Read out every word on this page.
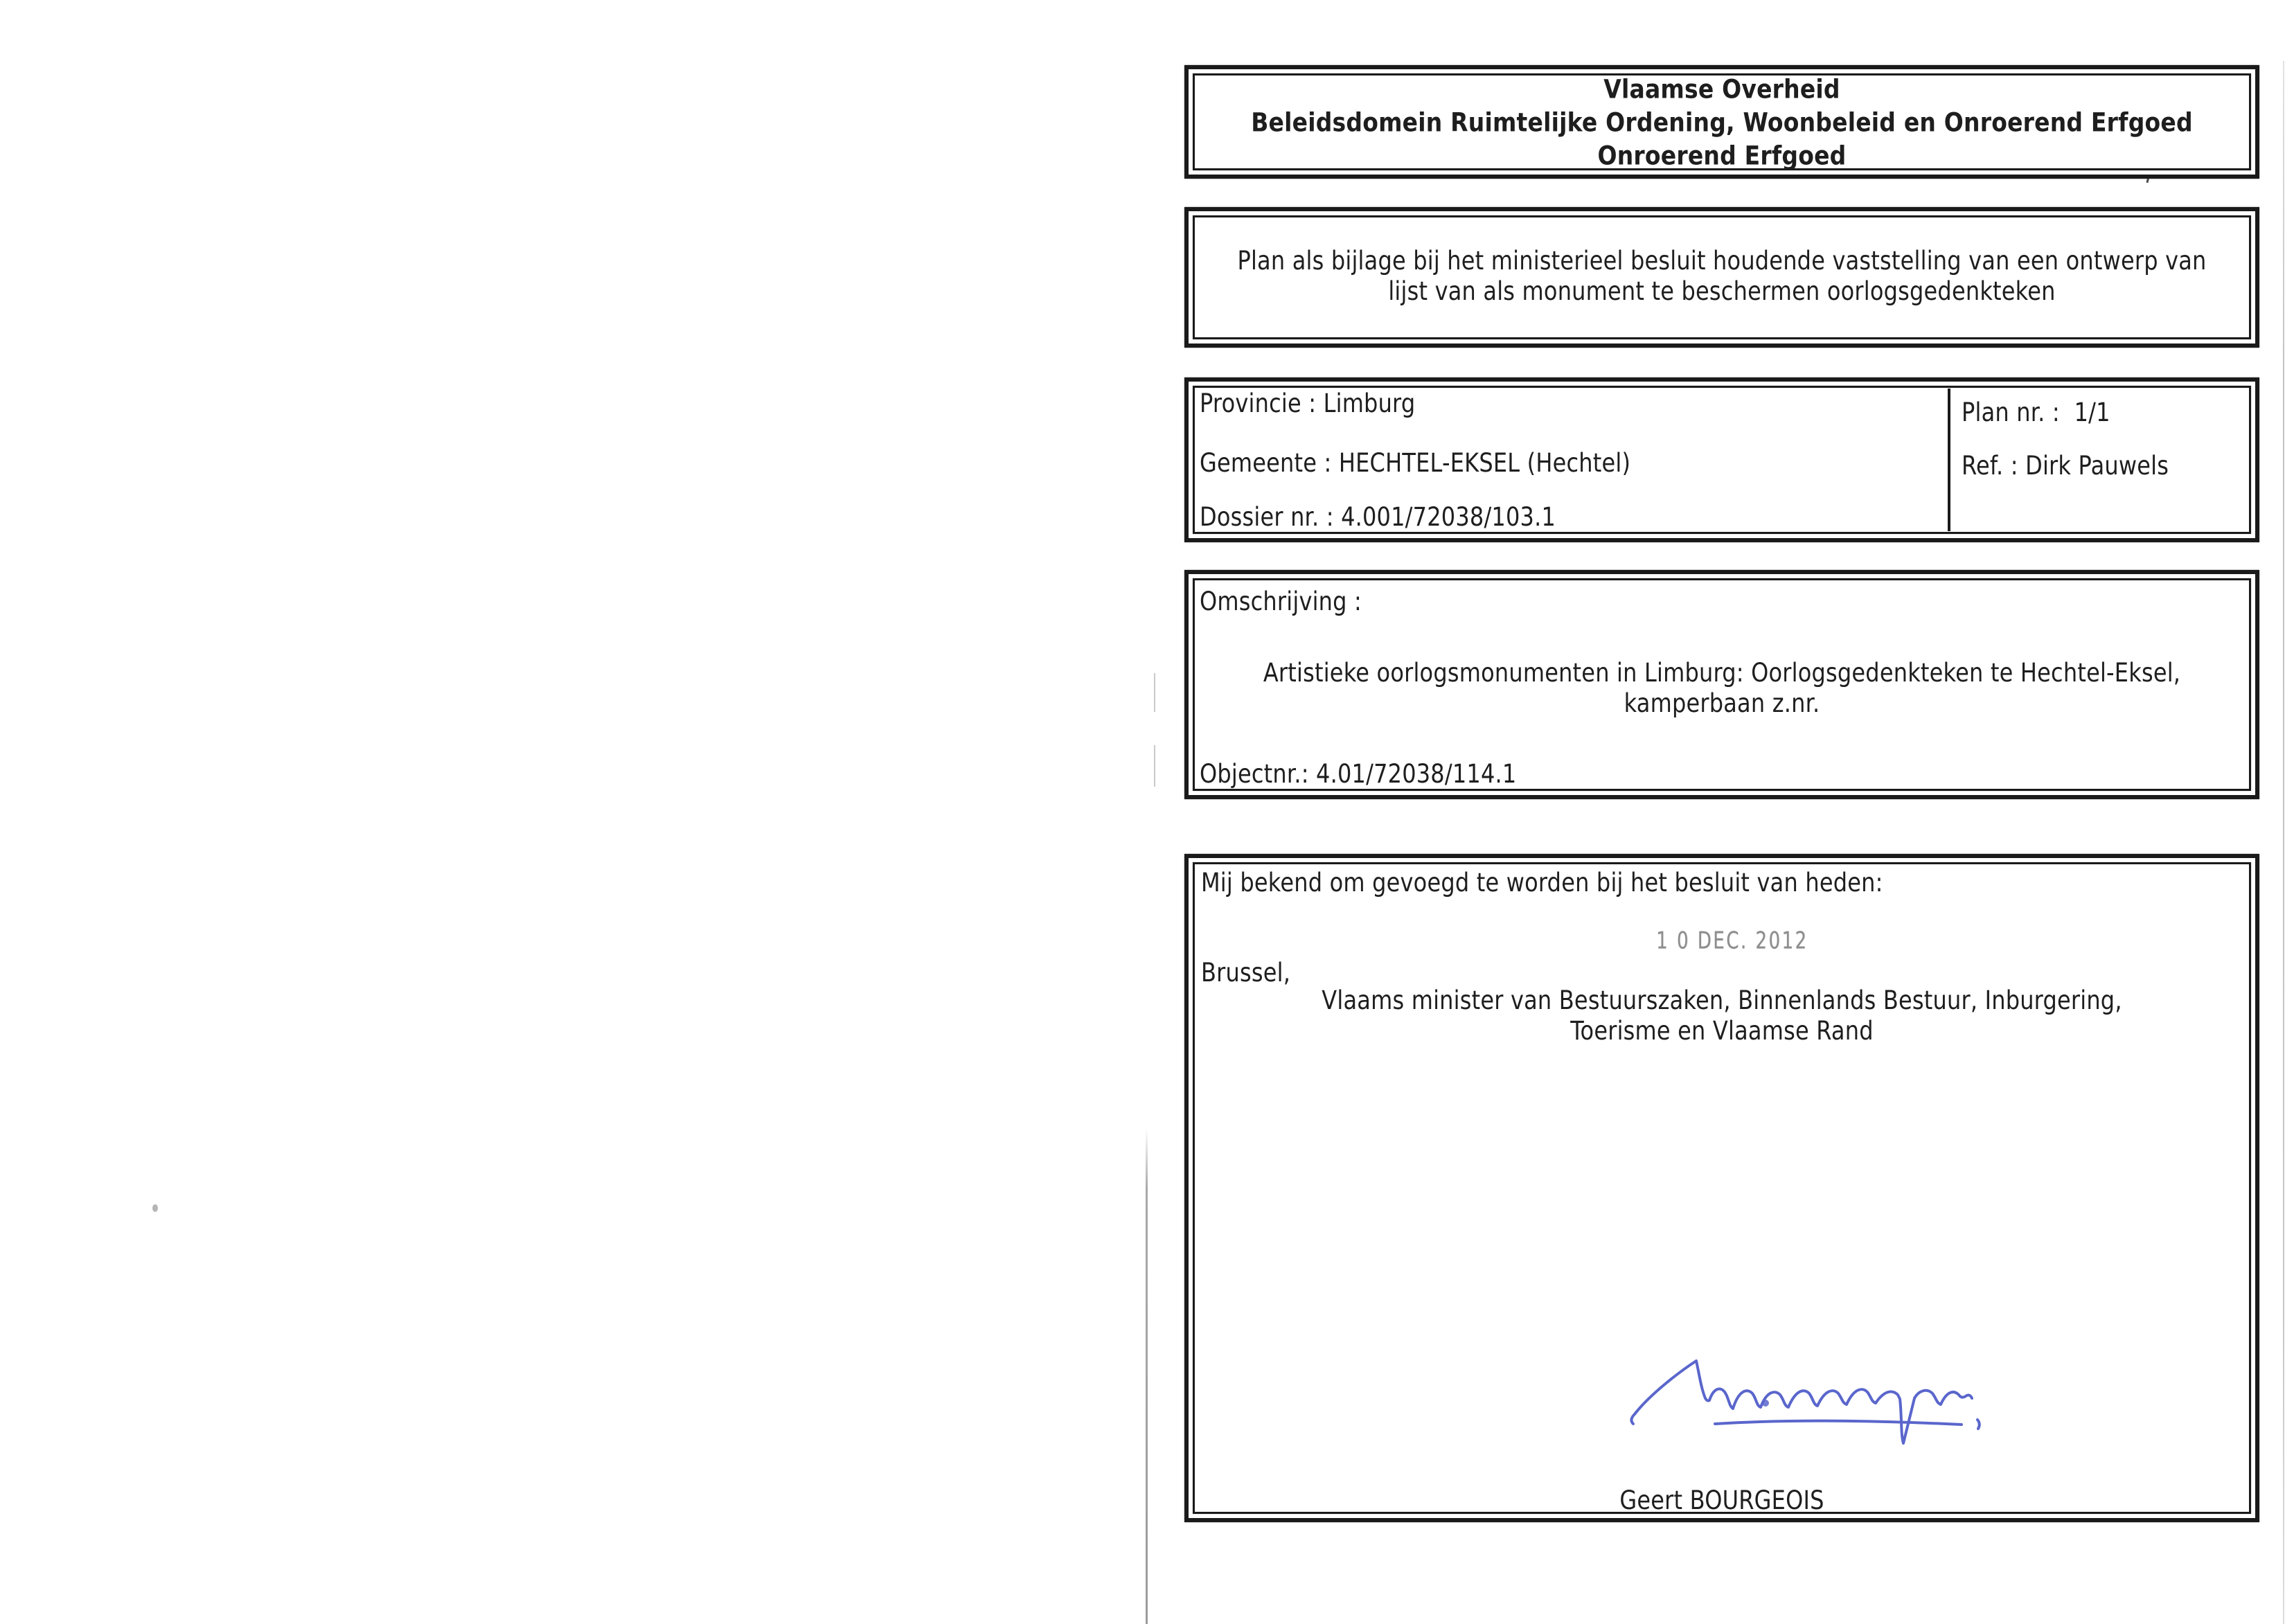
Vlaamse Overheid
Beleidsdomein Ruimtelijke Ordening, Woonbeleid en Onroerend Erfgoed
Onroerend Erfgoed
Plan als bijlage bij het ministerieel besluit houdende vaststelling van een ontwerp van
lijst van als monument te beschermen oorlogsgedenkteken
Provincie : Limburg
Gemeente : HECHTEL-EKSEL (Hechtel)
Dossier nr. : 4.001/72038/103.1
Plan nr. :  1/1
Ref. : Dirk Pauwels
Omschrijving :
Artistieke oorlogsmonumenten in Limburg: Oorlogsgedenkteken te Hechtel-Eksel,
kamperbaan z.nr.
Objectnr.: 4.01/72038/114.1
Mij bekend om gevoegd te worden bij het besluit van heden:
1 0 DEC. 2012
Brussel,
Vlaams minister van Bestuurszaken, Binnenlands Bestuur, Inburgering,
Toerisme en Vlaamse Rand
Geert BOURGEOIS
